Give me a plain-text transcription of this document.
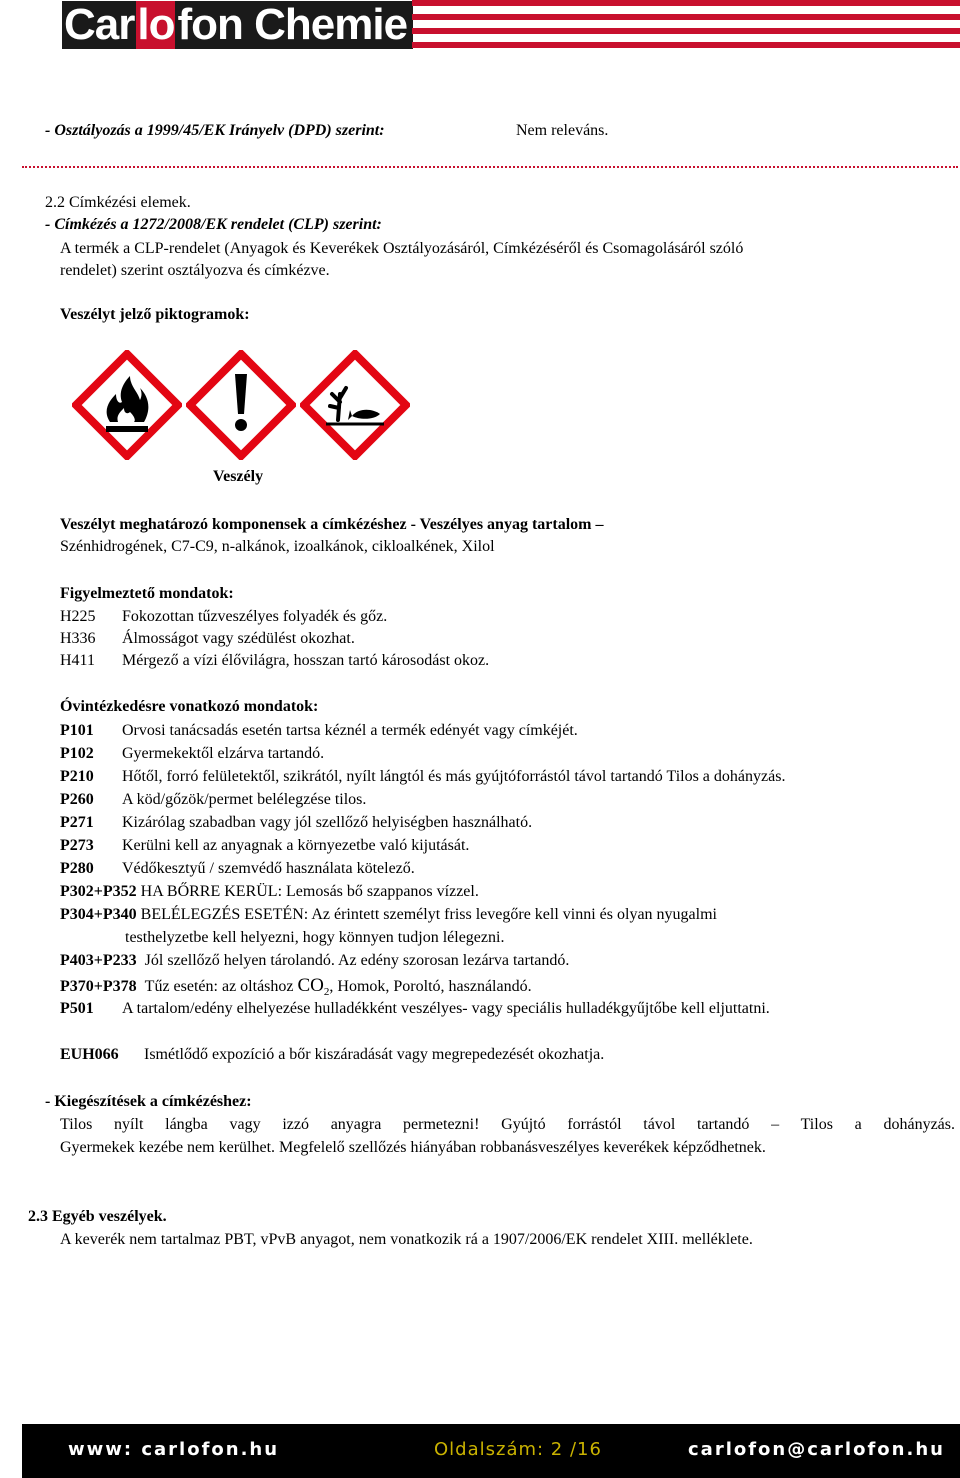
Car lo fon Chemie
- Osztályozás a 1999/45/EK Irányelv (DPD) szerint:	Nem releváns.
2.2 Címkézési elemek.
- Címkézés a 1272/2008/EK rendelet (CLP) szerint:
A termék a CLP-rendelet (Anyagok és Keverékek Osztályozásáról, Címkézéséről és Csomagolásáról szóló
rendelet) szerint osztályozva és címkézve.
Veszélyt jelző piktogramok:
Veszély
Veszélyt meghatározó komponensek a címkézéshez - Veszélyes anyag tartalom –
Szénhidrogének, C7-C9, n-alkánok, izoalkánok, cikloalkének, Xilol
Figyelmeztető mondatok:
H225 Fokozottan tűzveszélyes folyadék és gőz.
H336 Álmosságot vagy szédülést okozhat.
H411 Mérgező a vízi élővilágra, hosszan tartó károsodást okoz.
Óvintézkedésre vonatkozó mondatok:
P101 Orvosi tanácsadás esetén tartsa kéznél a termék edényét vagy címkéjét.
P102 Gyermekektől elzárva tartandó.
P210 Hőtől, forró felületektől, szikrától, nyílt lángtól és más gyújtóforrástól távol tartandó Tilos a dohányzás.
P260 A köd/gőzök/permet belélegzése tilos.
P271 Kizárólag szabadban vagy jól szellőző helyiségben használható.
P273 Kerülni kell az anyagnak a környezetbe való kijutását.
P280 Védőkesztyű / szemvédő használata kötelező.
P302+P352 HA BŐRRE KERÜL: Lemosás bő szappanos vízzel.
P304+P340 BELÉLEGZÉS ESETÉN: Az érintett személyt friss levegőre kell vinni és olyan nyugalmi
testhelyzetbe kell helyezni, hogy könnyen tudjon lélegezni.
P403+P233 Jól szellőző helyen tárolandó. Az edény szorosan lezárva tartandó.
P370+P378 Tűz esetén: az oltáshoz $CO_2$, Homok, Poroltó, használandó.
P501 A tartalom/edény elhelyezése hulladékként veszélyes- vagy speciális hulladékgyűjtőbe kell eljuttatni.
EUH066 Ismétlődő expozíció a bőr kiszáradását vagy megrepedezését okozhatja.
- Kiegészítések a címkézéshez:
Tilos nyílt lángba vagy izzó anyagra permetezni! Gyújtó forrástól távol tartandó – Tilos a dohányzás.
Gyermekek kezébe nem kerülhet. Megfelelő szellőzés hiányában robbanásveszélyes keverékek képződhetnek.
2.3 Egyéb veszélyek.
A keverék nem tartalmaz PBT, vPvB anyagot, nem vonatkozik rá a 1907/2006/EK rendelet XIII. melléklete.
www: carlofon.hu	Oldalszám: 2 /16	carlofon@carlofon.hu
